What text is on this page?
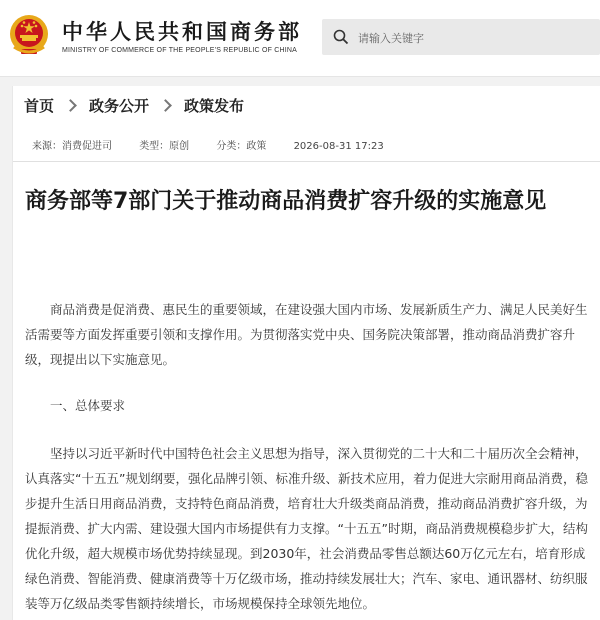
中华人民共和国商务部
MINISTRY OF COMMERCE OF THE PEOPLE'S REPUBLIC OF CHINA
请输入关键字
首页 政务公开 政策发布
来源：消费促进司	类型：原创	分类：政策	2026-08-31 17:23
商务部等7部门关于推动商品消费扩容升级的实施意见

商品消费是促消费、惠民生的重要领域，在建设强大国内市场、发展新质生产力、满足人民美好生活需要等方面发挥重要引领和支撑作用。为贯彻落实党中央、国务院决策部署，推动商品消费扩容升级，现提出以下实施意见。

一、总体要求

坚持以习近平新时代中国特色社会主义思想为指导，深入贯彻党的二十大和二十届历次全会精神，认真落实“十五五”规划纲要，强化品牌引领、标准升级、新技术应用，着力促进大宗耐用商品消费，稳步提升生活日用商品消费，支持特色商品消费，培育壮大升级类商品消费，推动商品消费扩容升级，为提振消费、扩大内需、建设强大国内市场提供有力支撑。“十五五”时期，商品消费规模稳步扩大，结构优化升级，超大规模市场优势持续显现。到2030年，社会消费品零售总额达60万亿元左右，培育形成绿色消费、智能消费、健康消费等十万亿级市场，推动持续发展壮大；汽车、家电、通讯器材、纺织服装等万亿级品类零售额持续增长，市场规模保持全球领先地位。
